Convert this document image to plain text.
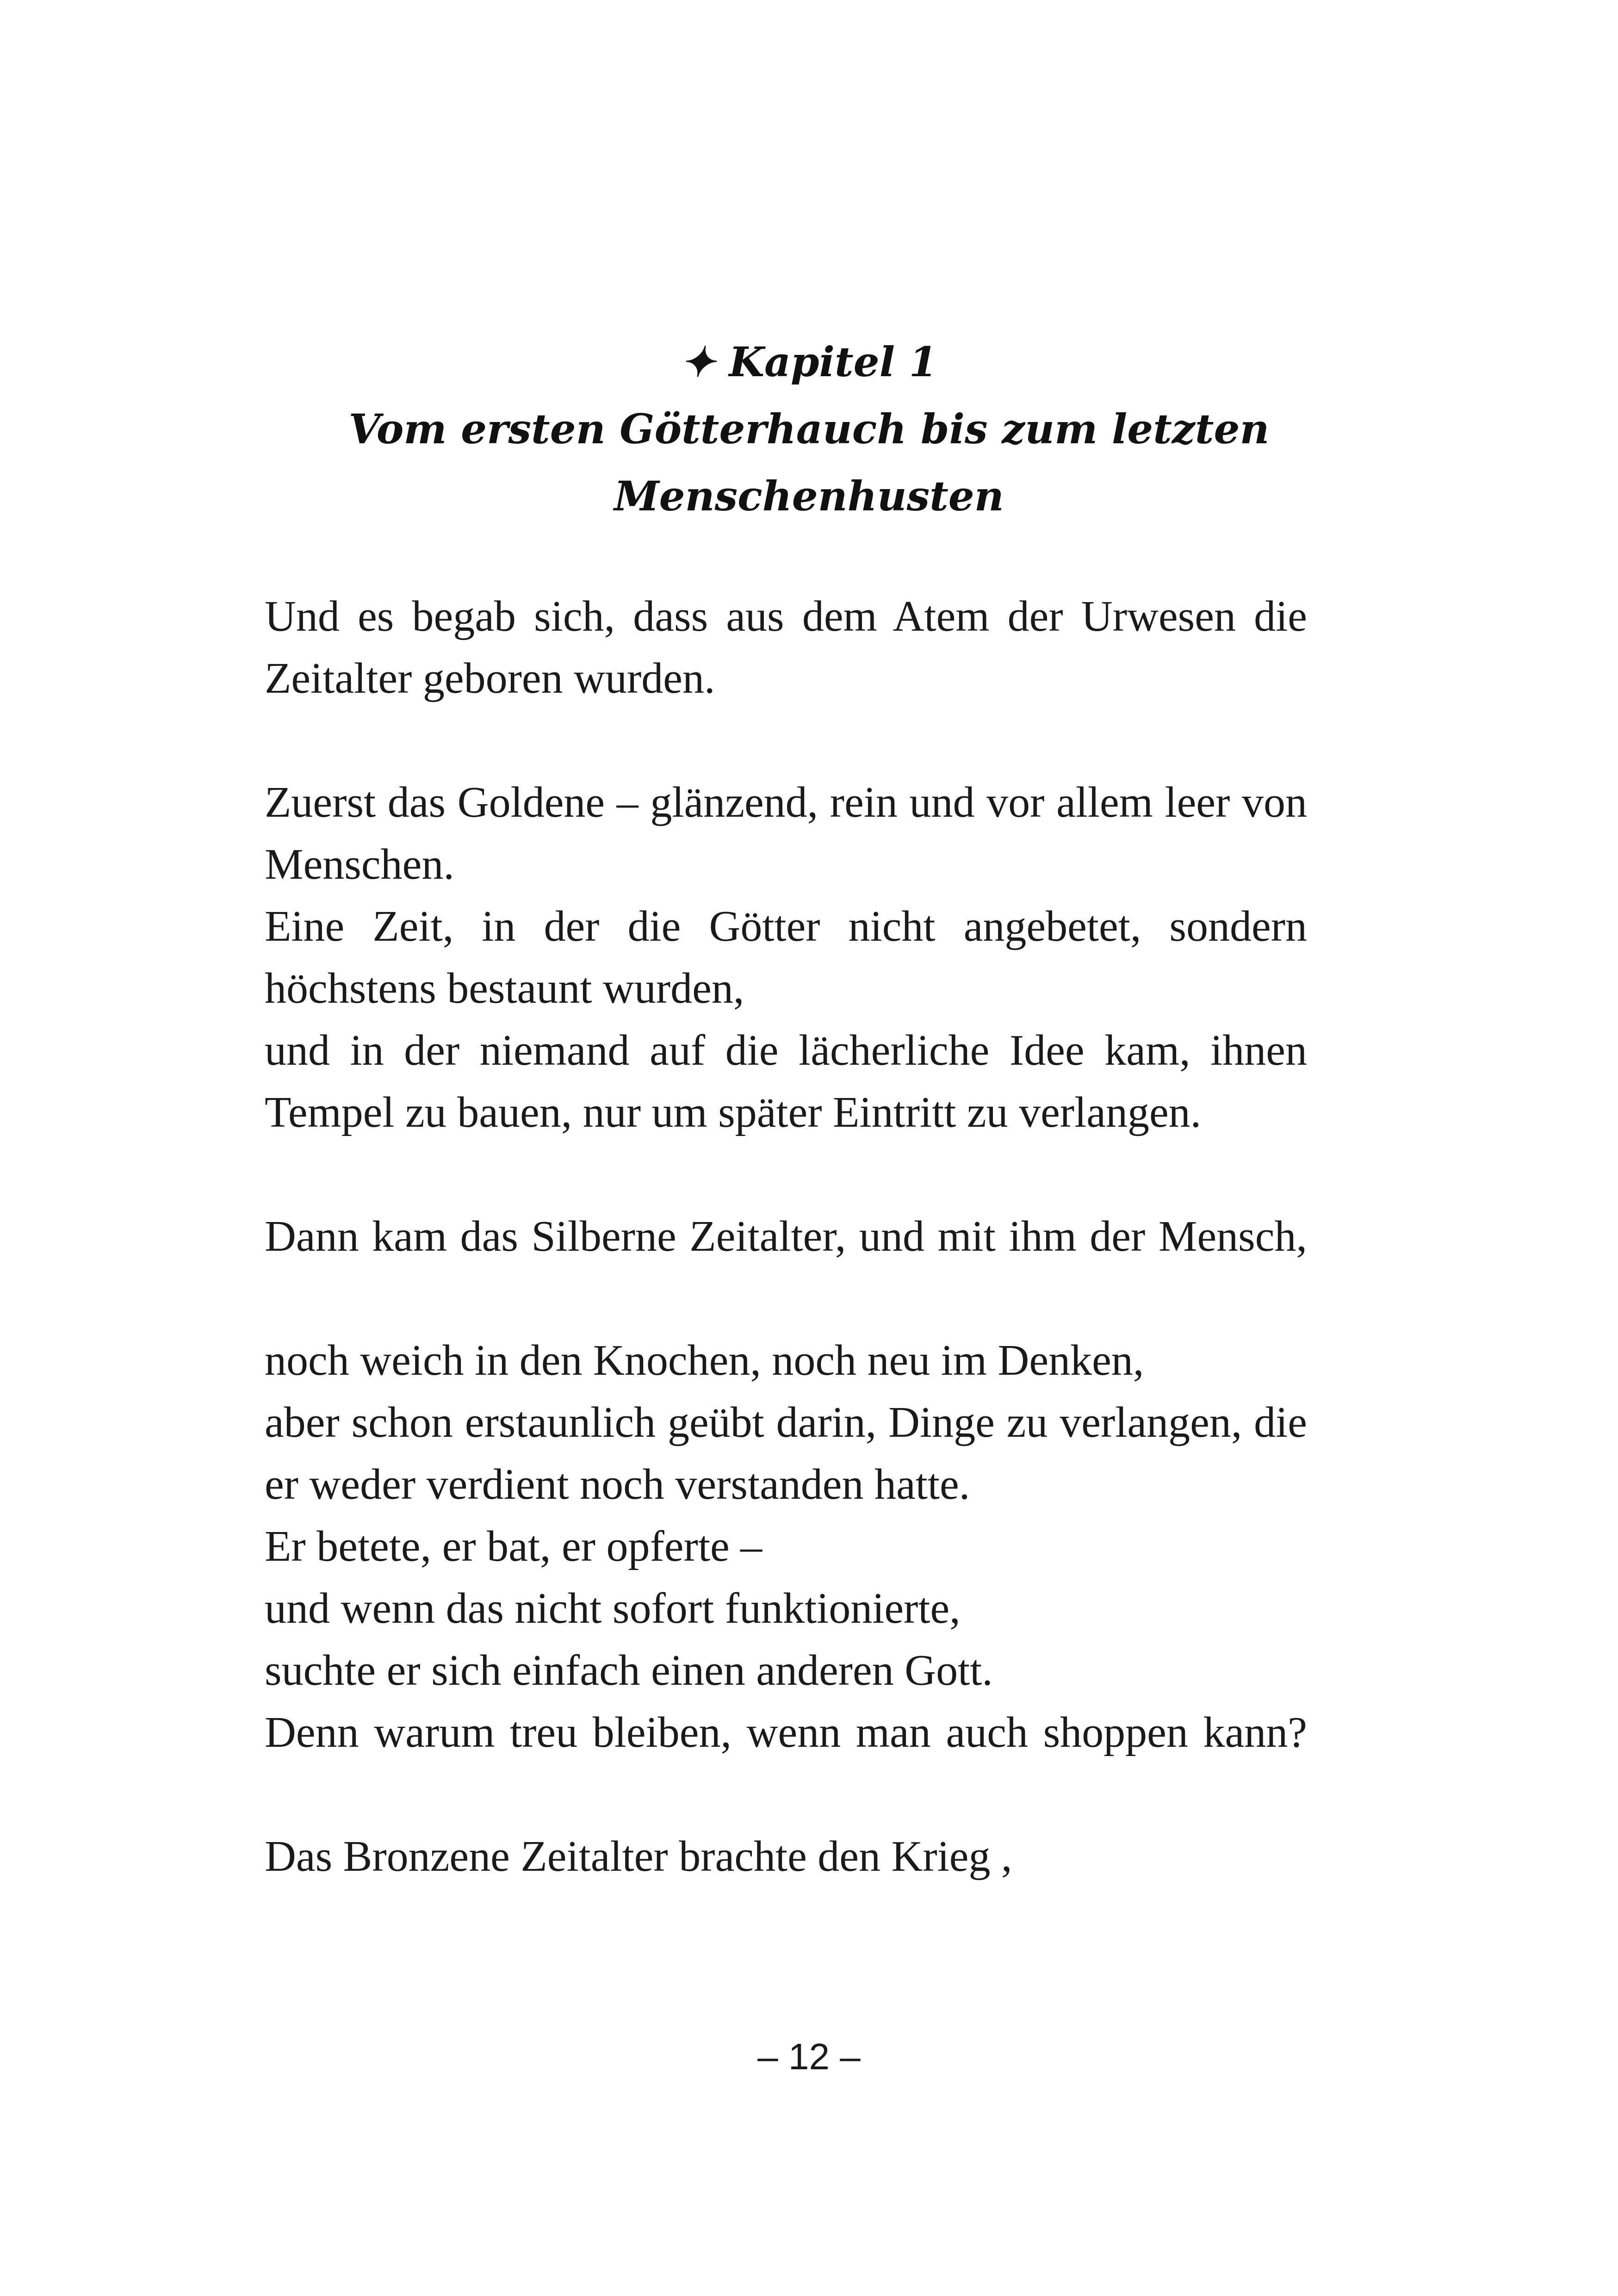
✦ Kapitel 1
Vom ersten Götterhauch bis zum letzten
Menschenhusten
Und es begab sich, dass aus dem Atem der Urwesen die
Zeitalter geboren wurden.
Zuerst das Goldene – glänzend, rein und vor allem leer von
Menschen.
Eine Zeit, in der die Götter nicht angebetet, sondern
höchstens bestaunt wurden,
und in der niemand auf die lächerliche Idee kam, ihnen
Tempel zu bauen, nur um später Eintritt zu verlangen.
Dann kam das Silberne Zeitalter, und mit ihm der Mensch,
noch weich in den Knochen, noch neu im Denken,
aber schon erstaunlich geübt darin, Dinge zu verlangen, die
er weder verdient noch verstanden hatte.
Er betete, er bat, er opferte –
und wenn das nicht sofort funktionierte,
suchte er sich einfach einen anderen Gott.
Denn warum treu bleiben, wenn man auch shoppen kann?
Das Bronzene Zeitalter brachte den Krieg ,
– 12 –
